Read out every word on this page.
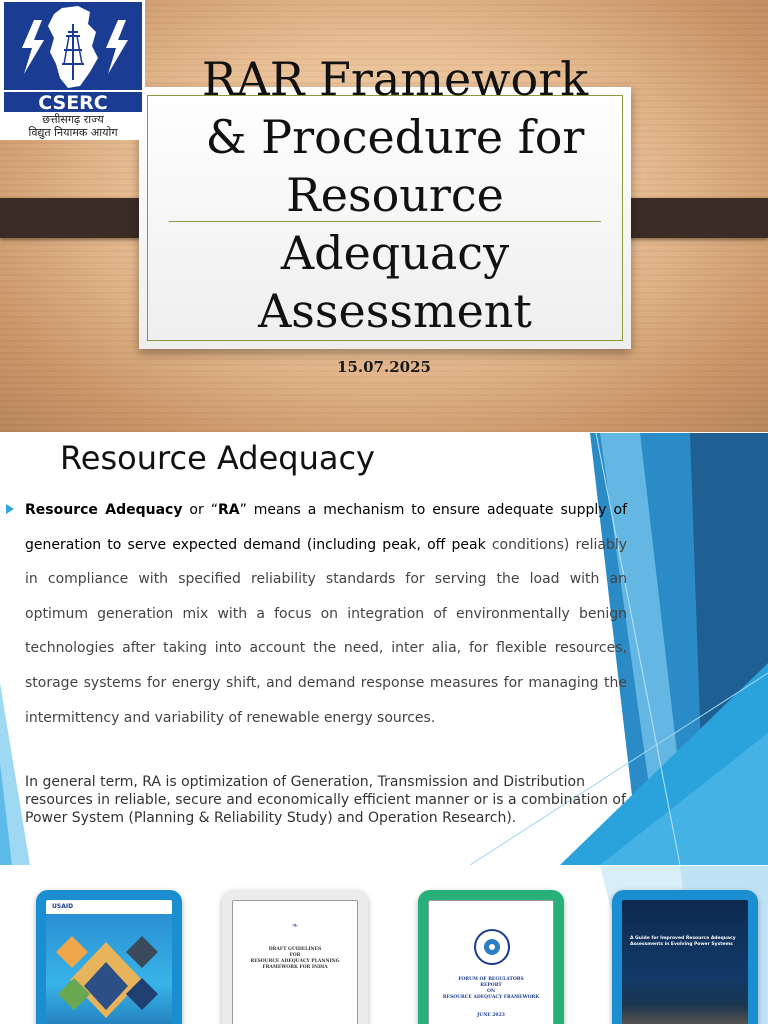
RAR Framework
& Procedure for
Resource
Adequacy
Assessment
15.07.2025
CSERC
छत्तीसगढ़ राज्य
विद्युत नियामक आयोग
Resource Adequacy

Resource Adequacy or “RA” means a mechanism to ensure adequate supply of generation to serve expected demand (including peak, off peak conditions) reliably in compliance with specified reliability standards for serving the load with an optimum generation mix with a focus on integration of environmentally benign technologies after taking into account the need, inter alia, for flexible resources, storage systems for energy shift, and demand response measures for managing the intermittency and variability of renewable energy sources.

In general term, RA is optimization of Generation, Transmission and Distribution resources in reliable, secure and economically efficient manner or is a combination of Power System (Planning & Reliability Study) and Operation Research).

USAID
❧
DRAFT GUIDELINES
FOR
RESOURCE ADEQUACY PLANNING
FRAMEWORK FOR INDIA
FORUM OF REGULATORS
REPORT
ON
RESOURCE ADEQUACY FRAMEWORK
JUNE 2023
A Guide for Improved Resource Adequacy
Assessments in Evolving Power Systems
